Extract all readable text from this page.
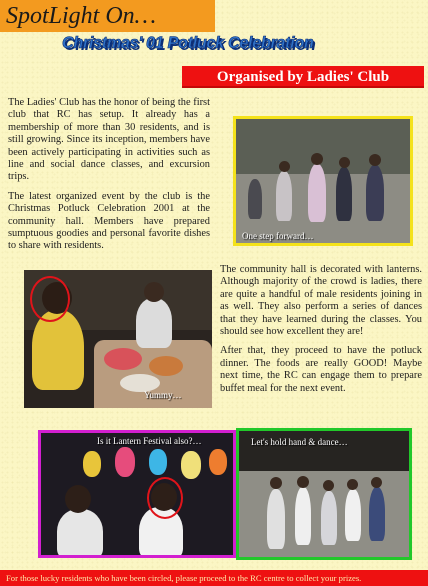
SpotLight On…
Christmas' 01 Potluck Celebration
Organised by Ladies' Club

The Ladies' Club has the honor of being the first club that RC has setup. It already has a membership of more than 30 residents, and is still growing. Since its inception, members have been actively participating in activities such as line and social dance classes, and excursion trips.

The latest organized event by the club is the Christmas Potluck Celebration 2001 at the community hall. Members have prepared sumptuous goodies and personal favorite dishes to share with residents.

One step forward…
Yummy…

The community hall is decorated with lanterns. Although majority of the crowd is ladies, there are quite a handful of male residents joining in as well. They also perform a series of dances that they have learned during the classes. You should see how excellent they are!

After that, they proceed to have the potluck dinner. The foods are really GOOD! Maybe next time, the RC can engage them to prepare buffet meal for the next event.

Is it Lantern Festival also?…	Let's hold hand & dance…
For those lucky residents who have been circled, please proceed to the RC centre to collect your prizes.
